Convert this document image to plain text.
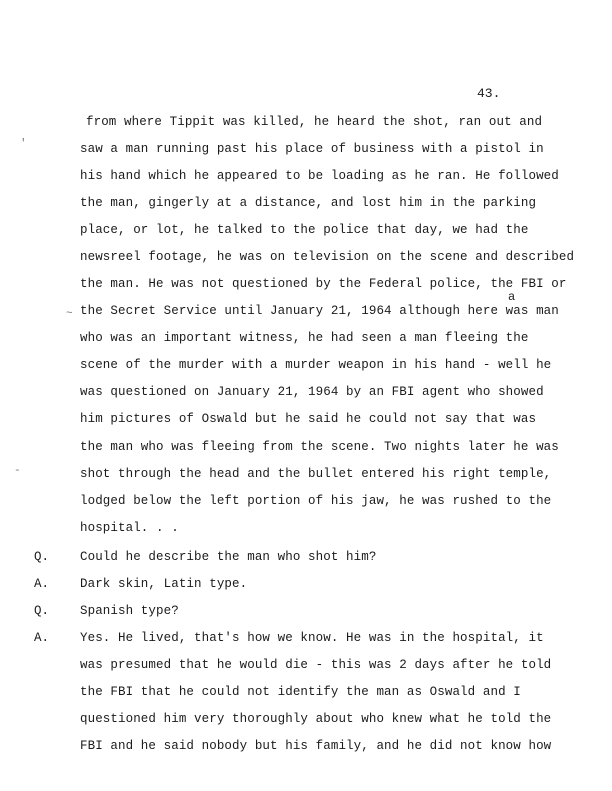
43.
'
~
-
from where Tippit was killed, he heard the shot, ran out and
saw a man running past his place of business with a pistol in
his hand which he appeared to be loading as he ran. He followed
the man, gingerly at a distance, and lost him in the parking
place, or lot, he talked to the police that day, we had the
newsreel footage, he was on television on the scene and described
the man. He was not questioned by the Federal police, the FBI or
a
the Secret Service until January 21, 1964 although here was man
who was an important witness, he had seen a man fleeing the
scene of the murder with a murder weapon in his hand - well he
was questioned on January 21, 1964 by an FBI agent who showed
him pictures of Oswald but he said he could not say that was
the man who was fleeing from the scene. Two nights later he was
shot through the head and the bullet entered his right temple,
lodged below the left portion of his jaw, he was rushed to the
hospital. . .
Q. Could he describe the man who shot him?
A. Dark skin, Latin type.
Q. Spanish type?
A. Yes. He lived, that's how we know. He was in the hospital, it
was presumed that he would die - this was 2 days after he told
the FBI that he could not identify the man as Oswald and I
questioned him very thoroughly about who knew what he told the
FBI and he said nobody but his family, and he did not know how
